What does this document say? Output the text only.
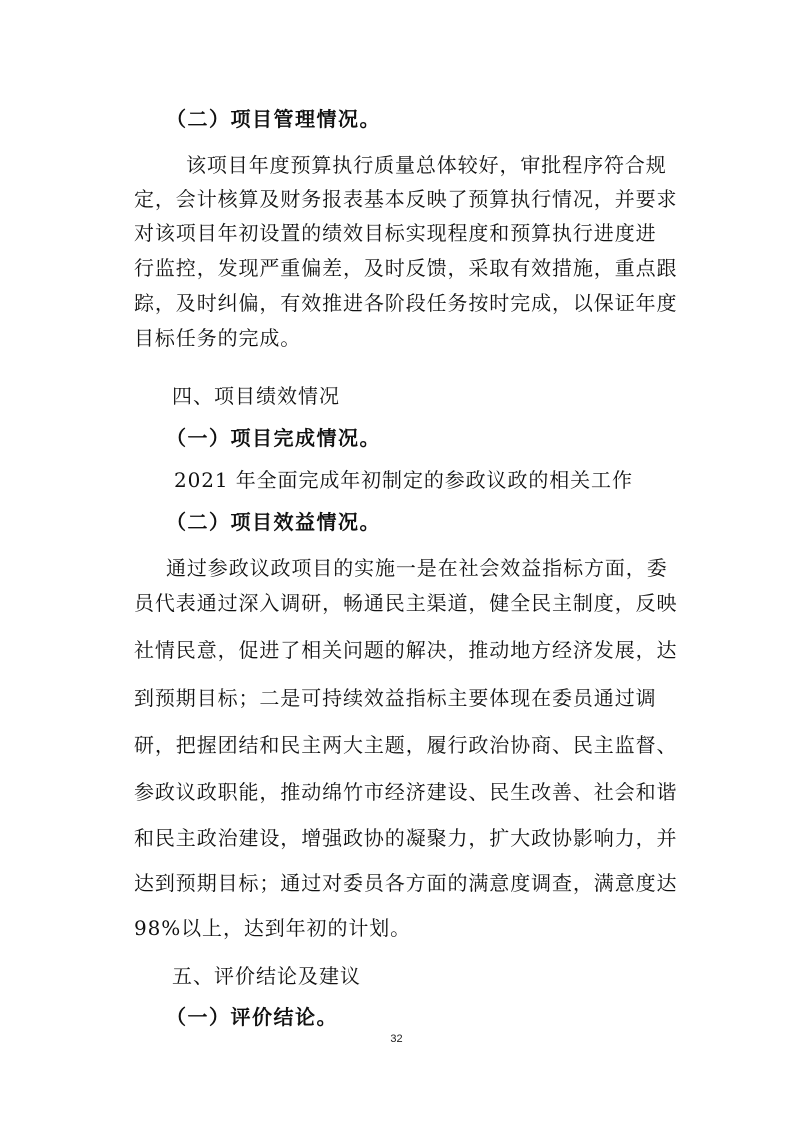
（二）项目管理情况。

该项目年度预算执行质量总体较好，审批程序符合规

定，会计核算及财务报表基本反映了预算执行情况，并要求

对该项目年初设置的绩效目标实现程度和预算执行进度进

行监控，发现严重偏差，及时反馈，采取有效措施，重点跟

踪，及时纠偏，有效推进各阶段任务按时完成，以保证年度

目标任务的完成。

四、项目绩效情况

（一）项目完成情况。

2021 年全面完成年初制定的参政议政的相关工作

（二）项目效益情况。

通过参政议政项目的实施一是在社会效益指标方面，委

员代表通过深入调研，畅通民主渠道，健全民主制度，反映

社情民意，促进了相关问题的解决，推动地方经济发展，达

到预期目标；二是可持续效益指标主要体现在委员通过调

研，把握团结和民主两大主题，履行政治协商、民主监督、

参政议政职能，推动绵竹市经济建设、民生改善、社会和谐

和民主政治建设，增强政协的凝聚力，扩大政协影响力，并

达到预期目标；通过对委员各方面的满意度调查，满意度达

98%以上，达到年初的计划。

五、评价结论及建议

（一）评价结论。

32
